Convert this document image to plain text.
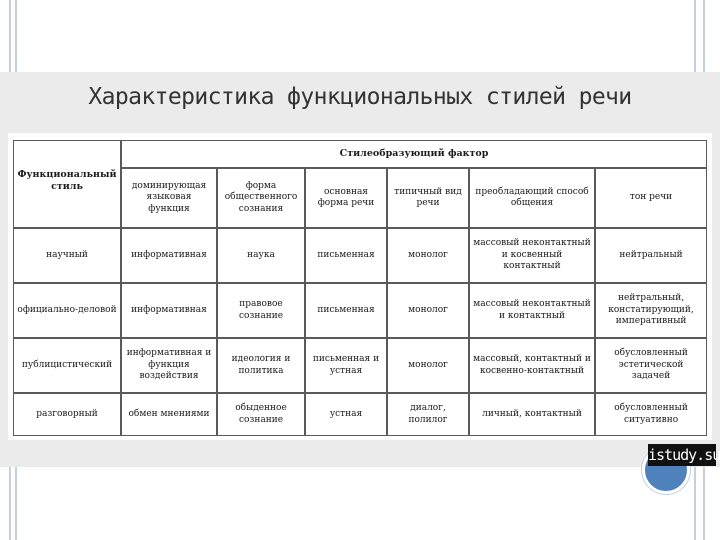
Характеристика функциональных стилей речи
Функциональный стиль	Стилеобразующий фактор					
	доминирующая языковая функция	форма общественного сознания	основная форма речи	типичный вид речи	преобладающий способ общения	тон речи
научный	информативная	наука	письменная	монолог	массовый неконтактный и косвенный контактный	нейтральный
официально-деловой	информативная	правовое сознание	письменная	монолог	массовый неконтактный и контактный	нейтральный, констатирующий, императивный
публицистический	информативная и функция воздействия	идеология и политика	письменная и устная	монолог	массовый, контактный и косвенно-контактный	обусловленный эстетической задачей
разговорный	обмен мнениями	обыденное сознание	устная	диалог, полилог	личный, контактный	обусловленный ситуативно
istudy.su
